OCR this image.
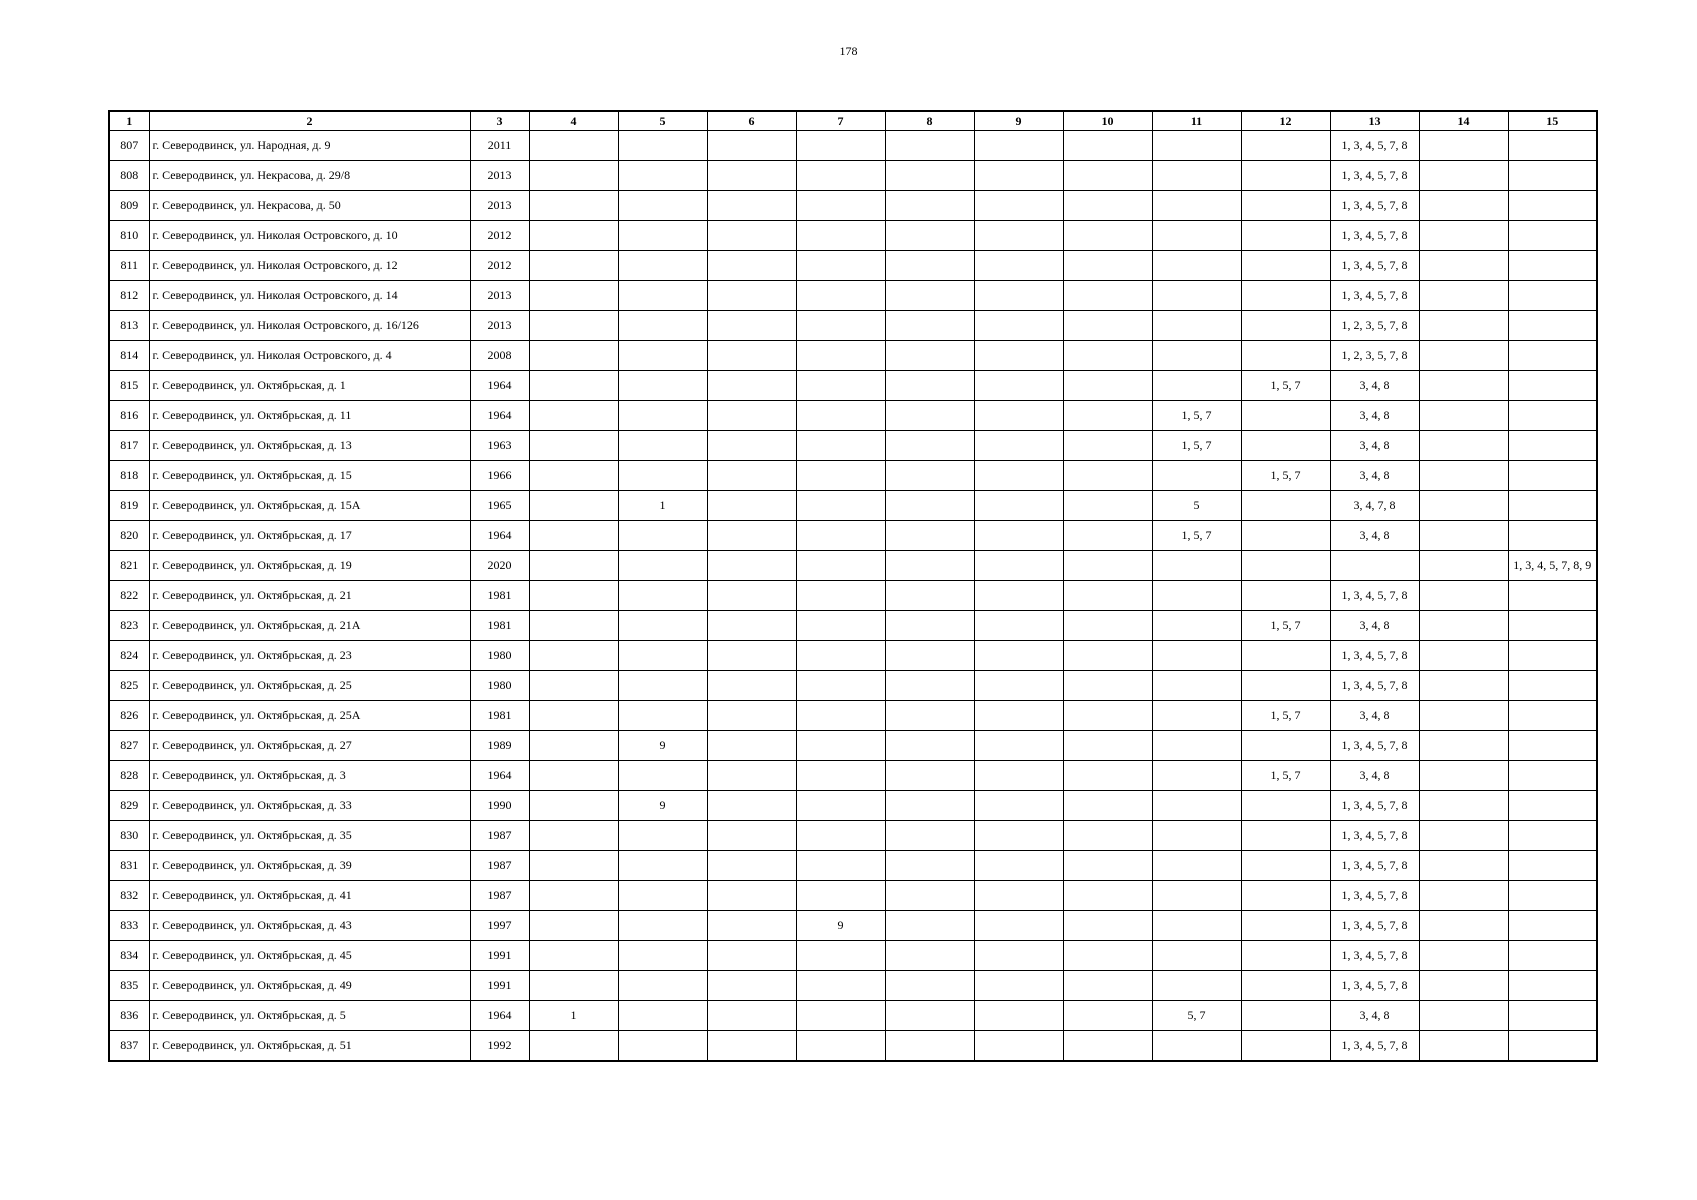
178
1	2	3	4	5	6	7	8	9	10	11	12	13	14	15
807	г. Северодвинск, ул. Народная, д. 9	2011										1, 3, 4, 5, 7, 8		
808	г. Северодвинск, ул. Некрасова, д. 29/8	2013										1, 3, 4, 5, 7, 8		
809	г. Северодвинск, ул. Некрасова, д. 50	2013										1, 3, 4, 5, 7, 8		
810	г. Северодвинск, ул. Николая Островского, д. 10	2012										1, 3, 4, 5, 7, 8		
811	г. Северодвинск, ул. Николая Островского, д. 12	2012										1, 3, 4, 5, 7, 8		
812	г. Северодвинск, ул. Николая Островского, д. 14	2013										1, 3, 4, 5, 7, 8		
813	г. Северодвинск, ул. Николая Островского, д. 16/126	2013										1, 2, 3, 5, 7, 8		
814	г. Северодвинск, ул. Николая Островского, д. 4	2008										1, 2, 3, 5, 7, 8		
815	г. Северодвинск, ул. Октябрьская, д. 1	1964									1, 5, 7	3, 4, 8		
816	г. Северодвинск, ул. Октябрьская, д. 11	1964								1, 5, 7		3, 4, 8		
817	г. Северодвинск, ул. Октябрьская, д. 13	1963								1, 5, 7		3, 4, 8		
818	г. Северодвинск, ул. Октябрьская, д. 15	1966									1, 5, 7	3, 4, 8		
819	г. Северодвинск, ул. Октябрьская, д. 15А	1965		1						5		3, 4, 7, 8		
820	г. Северодвинск, ул. Октябрьская, д. 17	1964								1, 5, 7		3, 4, 8		
821	г. Северодвинск, ул. Октябрьская, д. 19	2020												1, 3, 4, 5, 7, 8, 9
822	г. Северодвинск, ул. Октябрьская, д. 21	1981										1, 3, 4, 5, 7, 8		
823	г. Северодвинск, ул. Октябрьская, д. 21А	1981									1, 5, 7	3, 4, 8		
824	г. Северодвинск, ул. Октябрьская, д. 23	1980										1, 3, 4, 5, 7, 8		
825	г. Северодвинск, ул. Октябрьская, д. 25	1980										1, 3, 4, 5, 7, 8		
826	г. Северодвинск, ул. Октябрьская, д. 25А	1981									1, 5, 7	3, 4, 8		
827	г. Северодвинск, ул. Октябрьская, д. 27	1989		9								1, 3, 4, 5, 7, 8		
828	г. Северодвинск, ул. Октябрьская, д. 3	1964									1, 5, 7	3, 4, 8		
829	г. Северодвинск, ул. Октябрьская, д. 33	1990		9								1, 3, 4, 5, 7, 8		
830	г. Северодвинск, ул. Октябрьская, д. 35	1987										1, 3, 4, 5, 7, 8		
831	г. Северодвинск, ул. Октябрьская, д. 39	1987										1, 3, 4, 5, 7, 8		
832	г. Северодвинск, ул. Октябрьская, д. 41	1987										1, 3, 4, 5, 7, 8		
833	г. Северодвинск, ул. Октябрьская, д. 43	1997				9						1, 3, 4, 5, 7, 8		
834	г. Северодвинск, ул. Октябрьская, д. 45	1991										1, 3, 4, 5, 7, 8		
835	г. Северодвинск, ул. Октябрьская, д. 49	1991										1, 3, 4, 5, 7, 8		
836	г. Северодвинск, ул. Октябрьская, д. 5	1964	1							5, 7		3, 4, 8		
837	г. Северодвинск, ул. Октябрьская, д. 51	1992										1, 3, 4, 5, 7, 8		
